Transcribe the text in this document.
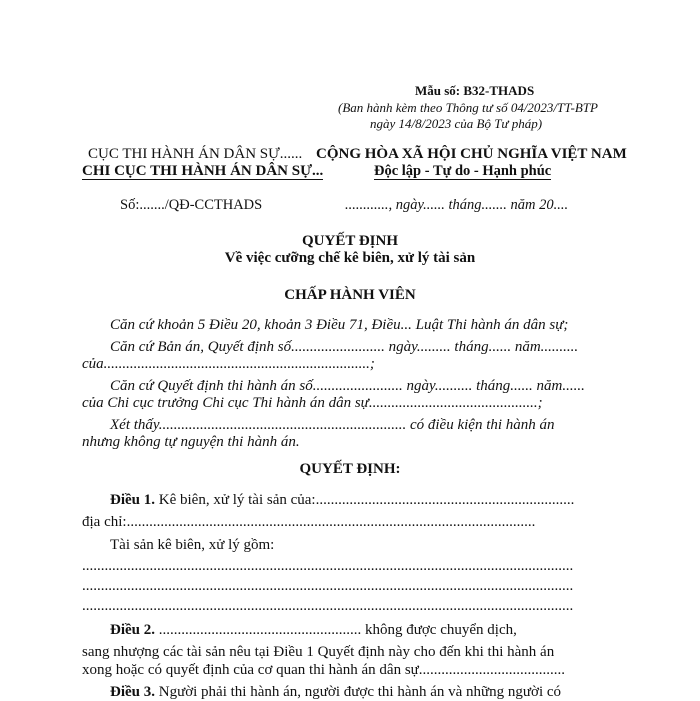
Mẫu số: B32-THADS
(Ban hành kèm theo Thông tư số 04/2023/TT-BTP
ngày 14/8/2023 của Bộ Tư pháp)
CỤC THI HÀNH ÁN DÂN SỰ......
CHI CỤC THI HÀNH ÁN DÂN SỰ...
CỘNG HÒA XÃ HỘI CHỦ NGHĨA VIỆT NAM
Độc lập - Tự do - Hạnh phúc
Số:......./QĐ-CCTHADS	............, ngày...... tháng....... năm 20....
QUYẾT ĐỊNH
Về việc cưỡng chế kê biên, xử lý tài sản
CHẤP HÀNH VIÊN
Căn cứ khoản 5 Điều 20, khoản 3 Điều 71, Điều... Luật Thi hành án dân sự;
Căn cứ Bản án, Quyết định số......................... ngày......... tháng...... năm..........
của.......................................................................;
Căn cứ Quyết định thi hành án số........................ ngày.......... tháng...... năm......
của Chi cục trưởng Chi cục Thi hành án dân sự.............................................;
Xét thấy.................................................................. có điều kiện thi hành án
nhưng không tự nguyện thi hành án.
QUYẾT ĐỊNH:
Điều 1. Kê biên, xử lý tài sản của:.....................................................................
địa chỉ:.............................................................................................................
Tài sản kê biên, xử lý gồm:
...................................................................................................................................
...................................................................................................................................
...................................................................................................................................
Điều 2. ...................................................... không được chuyển dịch,
sang nhượng các tài sản nêu tại Điều 1 Quyết định này cho đến khi thi hành án
xong hoặc có quyết định của cơ quan thi hành án dân sự.......................................
Điều 3. Người phải thi hành án, người được thi hành án và những người có
